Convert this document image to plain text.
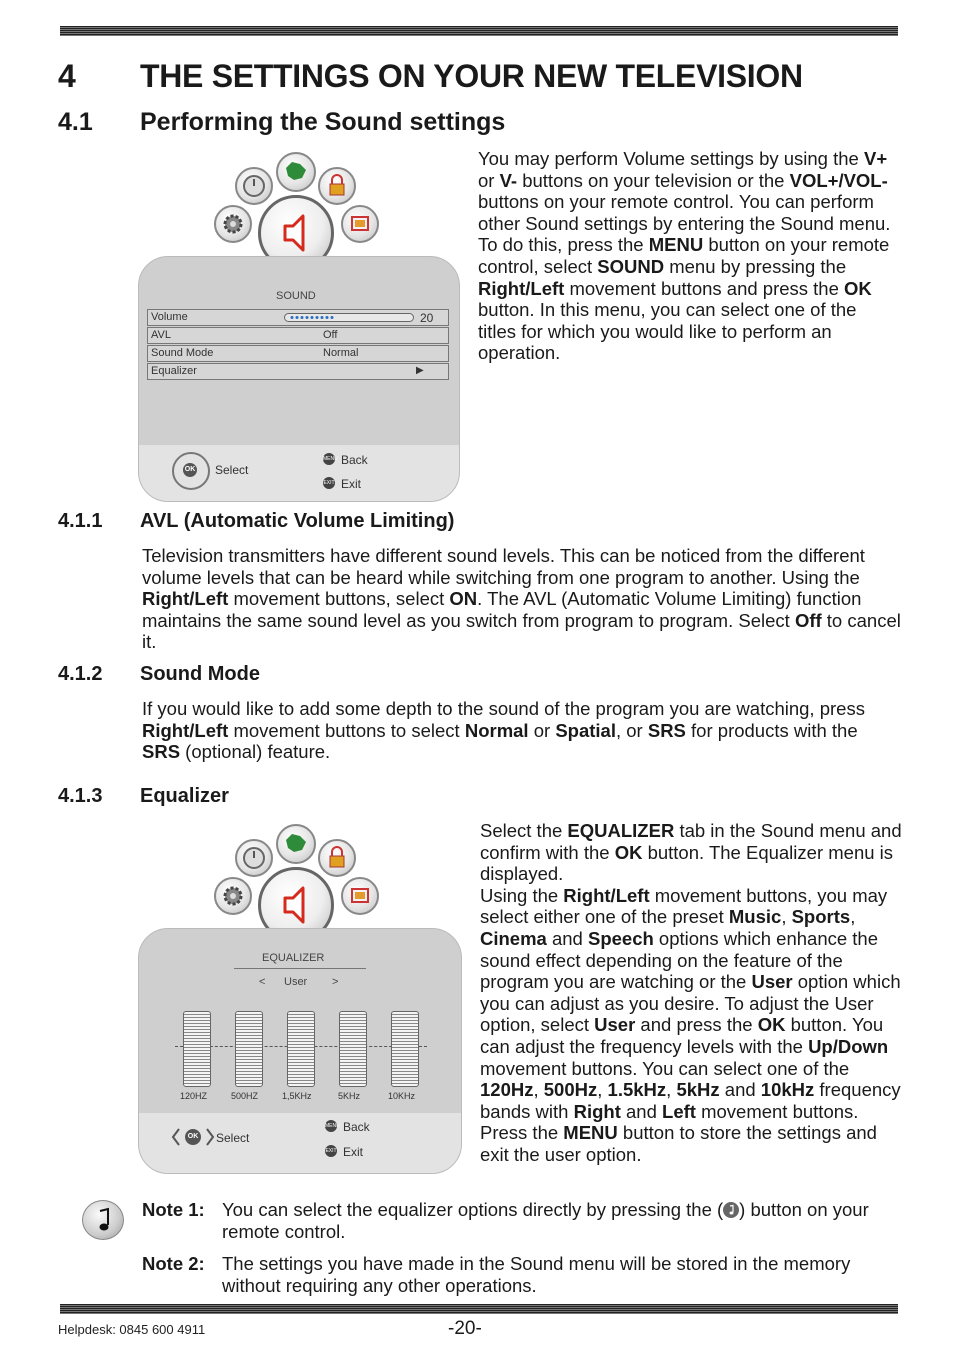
4 THE SETTINGS ON YOUR NEW TELEVISION
4.1 Performing the Sound settings
SOUND
Volume	20
AVL	Off
Sound Mode	Normal
Equalizer	▶
OK Select
MENU Back
EXIT Exit
You may perform Volume settings by using the V+ or V- buttons on your television or the VOL+/VOL- buttons on your remote control. You can perform other Sound settings by entering the Sound menu. To do this, press the MENU button on your remote control, select SOUND menu by pressing the Right/Left movement buttons and press the OK button. In this menu, you can select one of the titles for which you would like to perform an operation.
4.1.1 AVL (Automatic Volume Limiting)
Television transmitters have different sound levels. This can be noticed from the different volume levels that can be heard while switching from one program to another. Using the Right/Left movement buttons, select ON. The AVL (Automatic Volume Limiting) function maintains the same sound level as you switch from program to program. Select Off to cancel it.
4.1.2 Sound Mode
If you would like to add some depth to the sound of the program you are watching, press Right/Left movement buttons to select Normal or Spatial, or SRS for products with the SRS (optional) feature.
4.1.3 Equalizer
EQUALIZER
< User >
120HZ	500HZ	1,5KHz	5KHz	10KHz
OK Select
MENU Back
EXIT Exit
Select the EQUALIZER tab in the Sound menu and confirm with the OK button. The Equalizer menu is displayed.
Using the Right/Left movement buttons, you may select either one of the preset Music, Sports, Cinema and Speech options which enhance the sound effect depending on the feature of the program you are watching or the User option which you can adjust as you desire. To adjust the User option, select User and press the OK button. You can adjust the frequency levels with the Up/Down movement buttons. You can select one of the 120Hz, 500Hz, 1.5kHz, 5kHz and 10kHz frequency bands with Right and Left movement buttons. Press the MENU button to store the settings and exit the user option.
Note 1: You can select the equalizer options directly by pressing the ( ) button on your remote control.
Note 2: The settings you have made in the Sound menu will be stored in the memory without requiring any other operations.
Helpdesk: 0845 600 4911	-20-
